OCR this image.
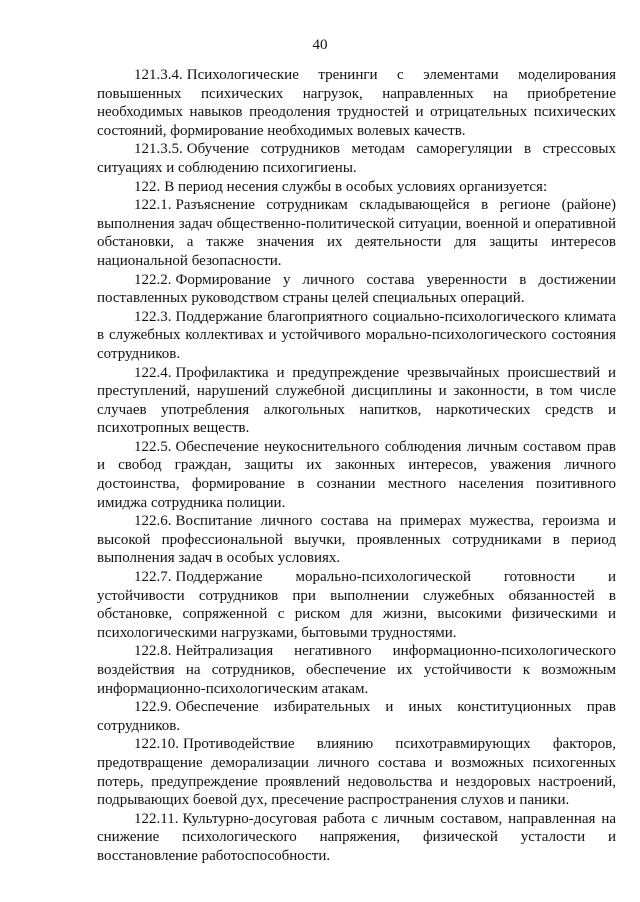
40

121.3.4. Психологические тренинги с элементами моделирования повышенных психических нагрузок, направленных на приобретение необходимых навыков преодоления трудностей и отрицательных психических состояний, формирование необходимых волевых качеств.

121.3.5. Обучение сотрудников методам саморегуляции в стрессовых ситуациях и соблюдению психогигиены.

122. В период несения службы в особых условиях организуется:

122.1. Разъяснение сотрудникам складывающейся в регионе (районе) выполнения задач общественно-политической ситуации, военной и оперативной обстановки, а также значения их деятельности для защиты интересов национальной безопасности.

122.2. Формирование у личного состава уверенности в достижении поставленных руководством страны целей специальных операций.

122.3. Поддержание благоприятного социально-психологического климата в служебных коллективах и устойчивого морально-психологического состояния сотрудников.

122.4. Профилактика и предупреждение чрезвычайных происшествий и преступлений, нарушений служебной дисциплины и законности, в том числе случаев употребления алкогольных напитков, наркотических средств и психотропных веществ.

122.5. Обеспечение неукоснительного соблюдения личным составом прав и свобод граждан, защиты их законных интересов, уважения личного достоинства, формирование в сознании местного населения позитивного имиджа сотрудника полиции.

122.6. Воспитание личного состава на примерах мужества, героизма и высокой профессиональной выучки, проявленных сотрудниками в период выполнения задач в особых условиях.

122.7. Поддержание морально-психологической готовности и устойчивости сотрудников при выполнении служебных обязанностей в обстановке, сопряженной с риском для жизни, высокими физическими и психологическими нагрузками, бытовыми трудностями.

122.8. Нейтрализация негативного информационно-психологического воздействия на сотрудников, обеспечение их устойчивости к возможным информационно-психологическим атакам.

122.9. Обеспечение избирательных и иных конституционных прав сотрудников.

122.10. Противодействие влиянию психотравмирующих факторов, предотвращение деморализации личного состава и возможных психогенных потерь, предупреждение проявлений недовольства и нездоровых настроений, подрывающих боевой дух, пресечение распространения слухов и паники.

122.11. Культурно-досуговая работа с личным составом, направленная на снижение психологического напряжения, физической усталости и восстановление работоспособности.
